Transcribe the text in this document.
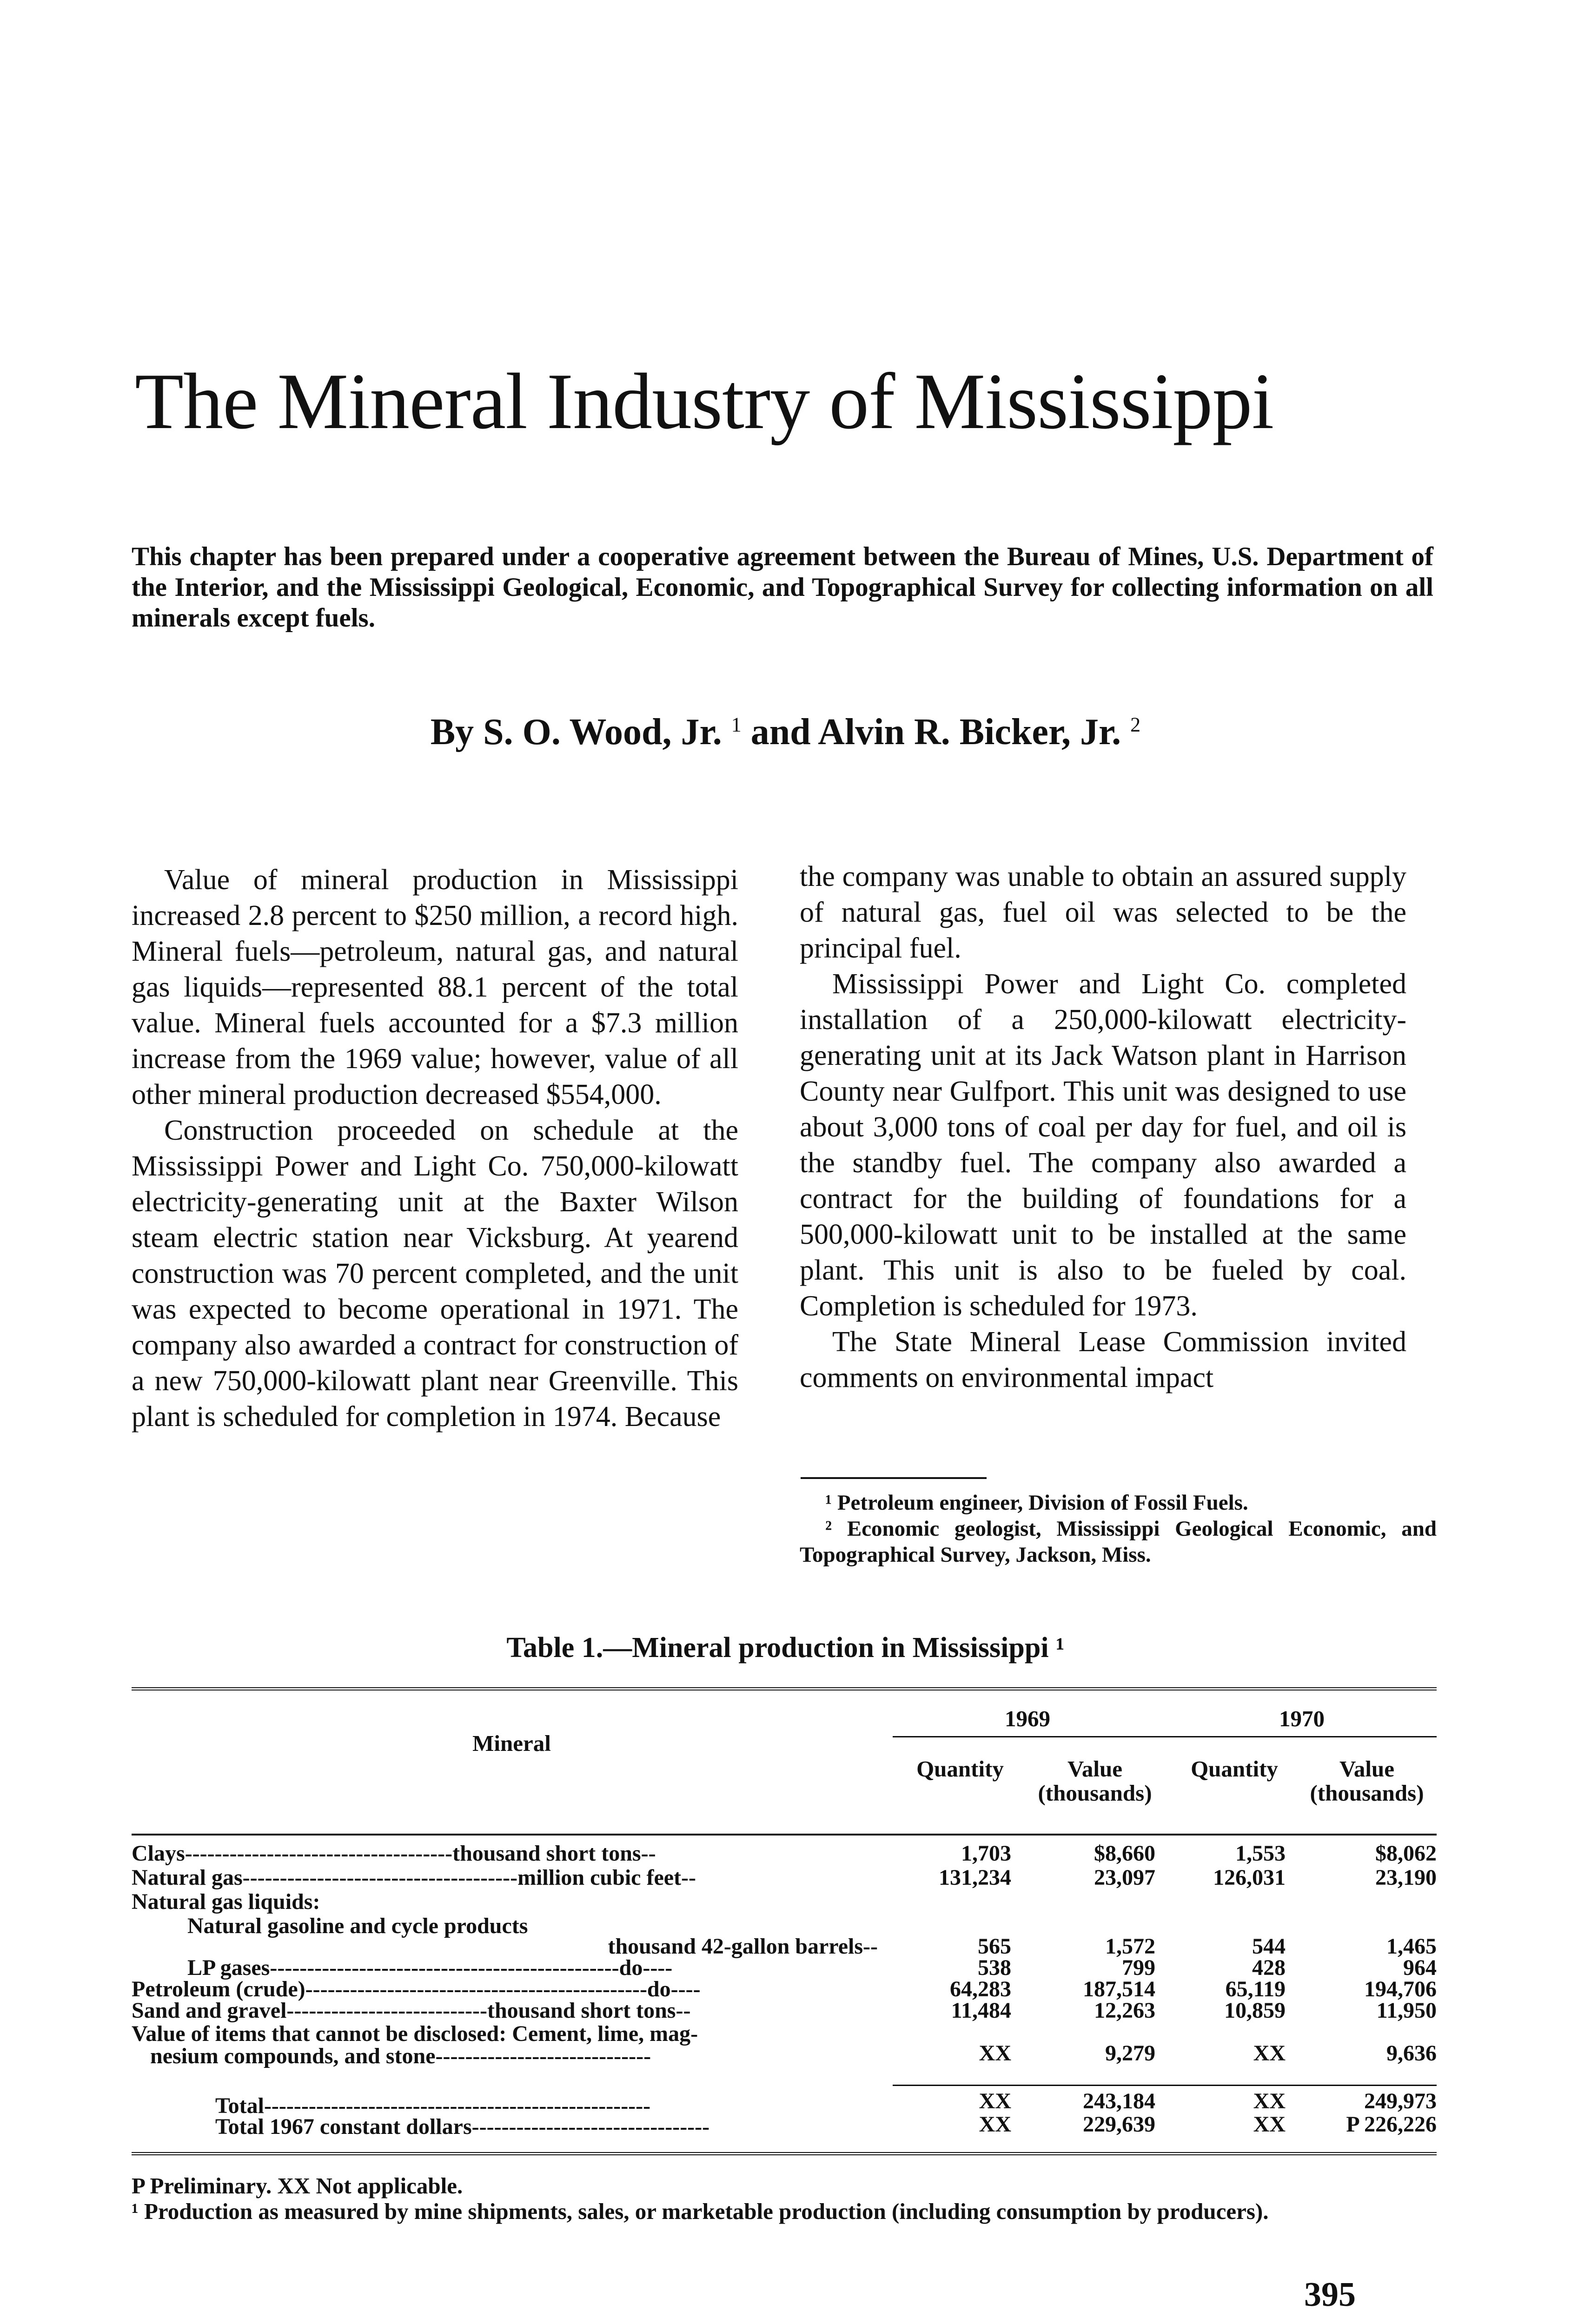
The Mineral Industry of Mississippi
This chapter has been prepared under a cooperative agreement between the Bureau of Mines, U.S. Department of the Interior, and the Mississippi Geological, Economic, and Topographical Survey for collecting information on all minerals except fuels.
By S. O. Wood, Jr. $^1$ and Alvin R. Bicker, Jr. $^2$

Value of mineral production in Mississippi increased 2.8 percent to $250 million, a record high. Mineral fuels—petroleum, natural gas, and natural gas liquids—represented 88.1 percent of the total value. Mineral fuels accounted for a $7.3 million increase from the 1969 value; however, value of all other mineral production decreased $554,000.

Construction proceeded on schedule at the Mississippi Power and Light Co. 750,000-kilowatt electricity-generating unit at the Baxter Wilson steam electric station near Vicksburg. At yearend construction was 70 percent completed, and the unit was expected to become operational in 1971. The company also awarded a contract for construction of a new 750,000-kilowatt plant near Greenville. This plant is scheduled for completion in 1974. Because

the company was unable to obtain an assured supply of natural gas, fuel oil was selected to be the principal fuel.

Mississippi Power and Light Co. completed installation of a 250,000-kilowatt electricity-generating unit at its Jack Watson plant in Harrison County near Gulfport. This unit was designed to use about 3,000 tons of coal per day for fuel, and oil is the standby fuel. The company also awarded a contract for the building of foundations for a 500,000-kilowatt unit to be installed at the same plant. This unit is also to be fueled by coal. Completion is scheduled for 1973.

The State Mineral Lease Commission invited comments on environmental impact

¹ Petroleum engineer, Division of Fossil Fuels.

² Economic geologist, Mississippi Geological Economic, and Topographical Survey, Jackson, Miss.

Table 1.—Mineral production in Mississippi ¹
Mineral
1969	1970
Quantity	Value (thousands)
Quantity	Value (thousands)
Clays------------------------------------thousand short tons--	1,703	$8,660	1,553	$8,062
Natural gas-------------------------------------million cubic feet--	131,234	23,097	126,031	23,190
Natural gas liquids:
Natural gasoline and cycle products
thousand 42-gallon barrels--	565	1,572	544	1,465
LP gases-----------------------------------------------do----	538	799	428	964
Petroleum (crude)----------------------------------------------do----	64,283	187,514	65,119	194,706
Sand and gravel---------------------------thousand short tons--	11,484	12,263	10,859	11,950
Value of items that cannot be disclosed: Cement, lime, mag-
nesium compounds, and stone-----------------------------	XX	9,279	XX	9,636
Total----------------------------------------------------	XX	243,184	XX	249,973
Total 1967 constant dollars--------------------------------	XX	229,639	XX	P 226,226

P Preliminary. XX Not applicable.

¹ Production as measured by mine shipments, sales, or marketable production (including consumption by producers).

395
